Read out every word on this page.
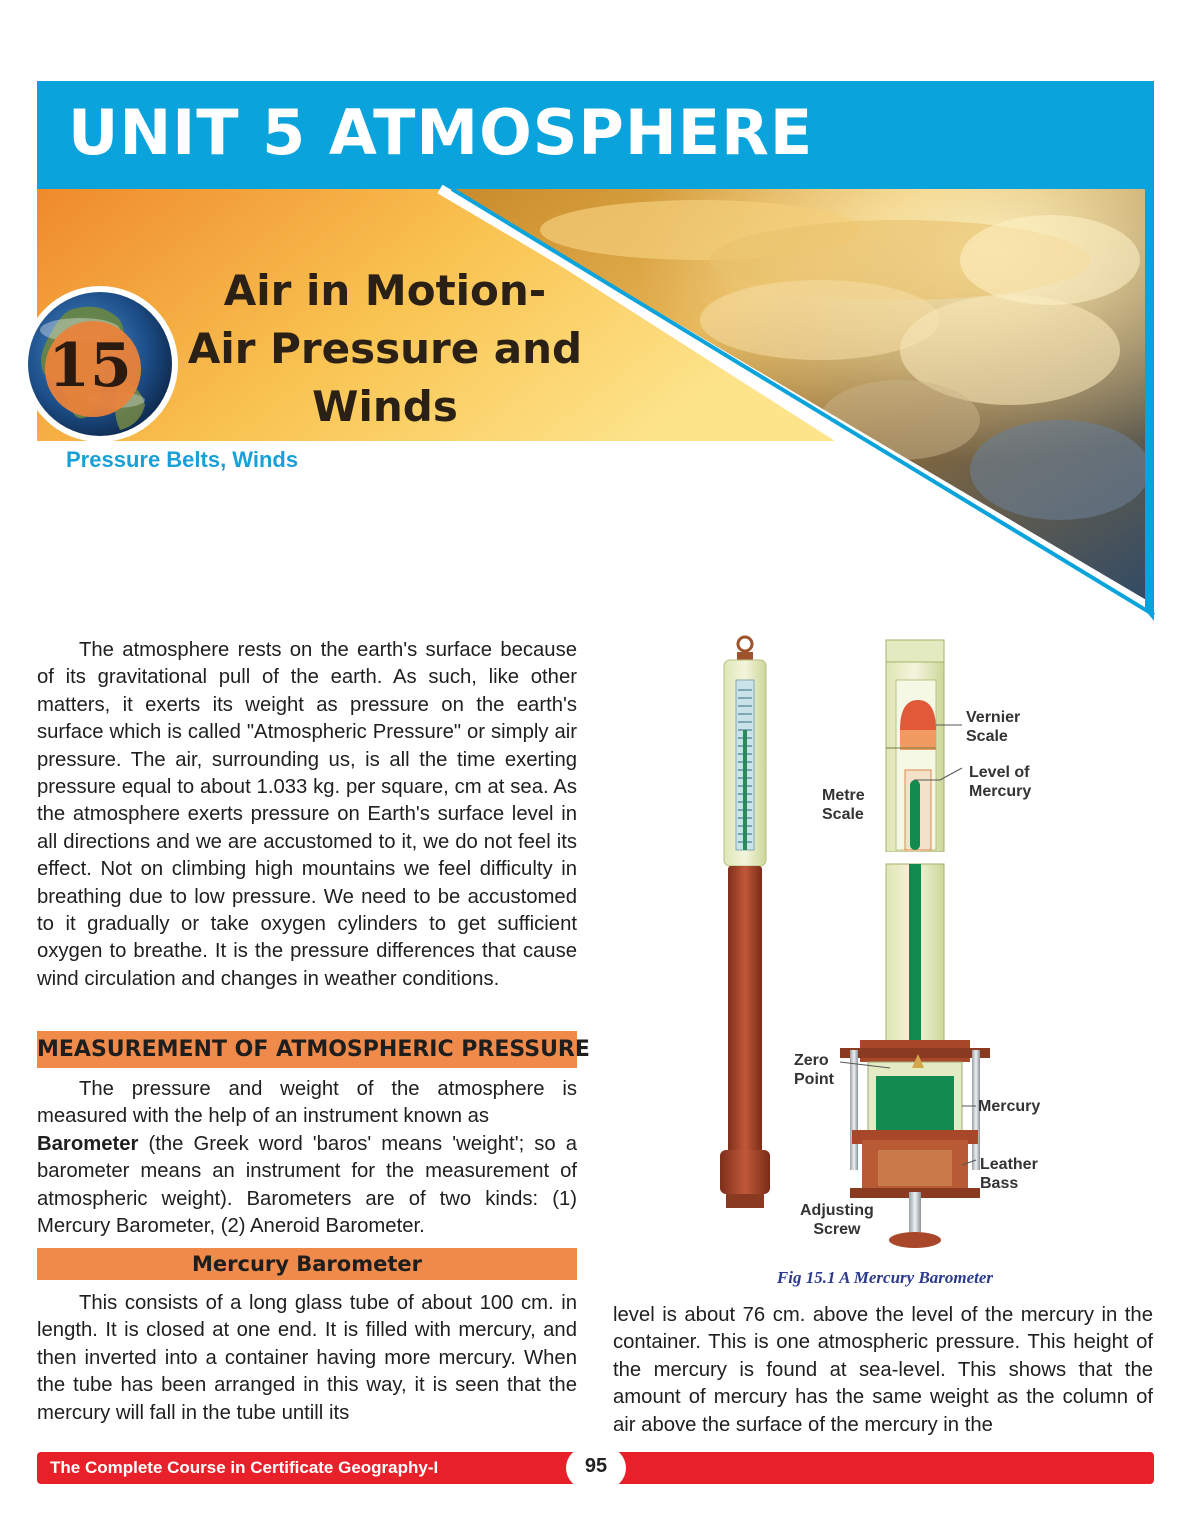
UNIT 5 ATMOSPHERE
15
Air in Motion-
Air Pressure and
Winds
Pressure Belts, Winds

The atmosphere rests on the earth's surface because of its gravitational pull of the earth. As such, like other matters, it exerts its weight as pressure on the earth's surface which is called "Atmospheric Pressure" or simply air pressure. The air, surrounding us, is all the time exerting pressure equal to about 1.033 kg. per square, cm at sea. As the atmosphere exerts pressure on Earth's surface level in all directions and we are accustomed to it, we do not feel its effect. Not on climbing high mountains we feel difficulty in breathing due to low pressure. We need to be accustomed to it gradually or take oxygen cylinders to get sufficient oxygen to breathe. It is the pressure differences that cause wind circulation and changes in weather conditions.

MEASUREMENT OF ATMOSPHERIC PRESSURE

The pressure and weight of the atmosphere is measured with the help of an instrument known as
Barometer (the Greek word 'baros' means 'weight'; so a barometer means an instrument for the measurement of atmospheric weight). Barometers are of two kinds: (1) Mercury Barometer, (2) Aneroid Barometer.

Mercury Barometer

This consists of a long glass tube of about 100 cm. in length. It is closed at one end. It is filled with mercury, and then inverted into a container having more mercury. When the tube has been arranged in this way, it is seen that the mercury will fall in the tube untill its

Vernier
Scale
Level of
Mercury
Metre
Scale
Zero
Point
Mercury
Leather
Bass
Adjusting
Screw
Fig 15.1 A Mercury Barometer

level is about 76 cm. above the level of the mercury in the container. This is one atmospheric pressure. This height of the mercury is found at sea-level. This shows that the amount of mercury has the same weight as the column of air above the surface of the mercury in the

The Complete Course in Certificate Geography-I	95
